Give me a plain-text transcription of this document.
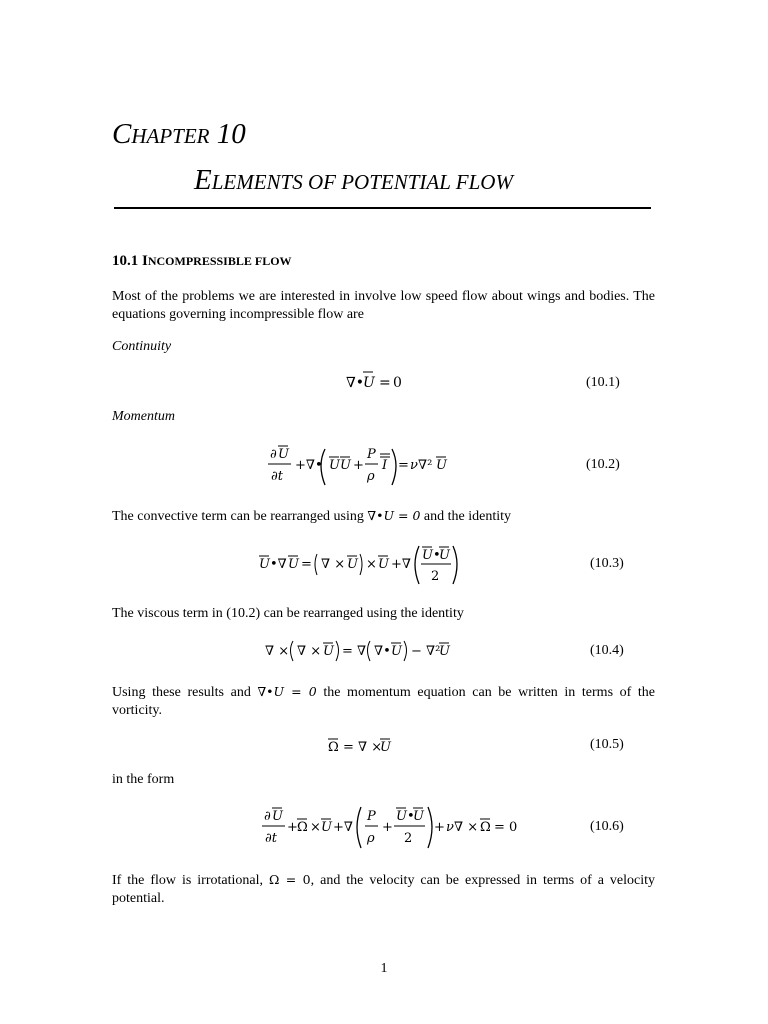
CHAPTER 10
ELEMENTS OF POTENTIAL FLOW
10.1 INCOMPRESSIBLE FLOW
Most of the problems we are interested in involve low speed flow about wings and bodies. The equations governing incompressible flow are
Continuity
∇•
U = 0	(10.1)
Momentum
∂ U
∂t
+∇• UU +
P
ρ
I = ν ∇² U	(10.2)
The convective term can be rearranged using ∇•U = 0 and the identity
U •∇ U = ∇ × U × U +∇
U •
U
2
(10.3)
The viscous term in (10.2) can be rearranged using the identity
∇ × ∇ × U = ∇ ∇• U − ∇²
U	(10.4)
Using these results and ∇•U = 0 the momentum equation can be written in terms of the vorticity.
Ω = ∇ ×
U	(10.5)
in the form
∂ U
∂t
+ Ω × U +∇
P
ρ
+
U •
U
2
+ ν ∇ × Ω = 0	(10.6)
If the flow is irrotational, Ω = 0, and the velocity can be expressed in terms of a velocity potential.
1
